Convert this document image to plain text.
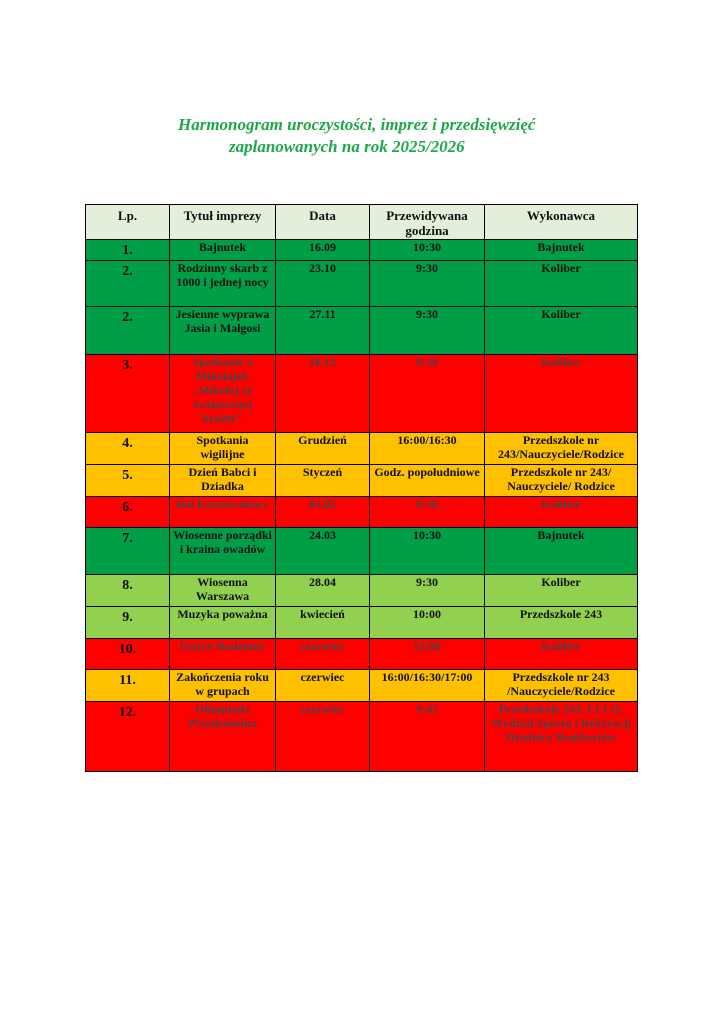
Harmonogram uroczystości, imprez i przedsięwzięć
zaplanowanych na rok 2025/2026
Lp.	Tytuł imprezy	Data	Przewidywana godzina	Wykonawca
1.	Bajnutek	16.09	10:30	Bajnutek
2.	Rodzinny skarb z 1000 i jednej nocy	23.10	9:30	Koliber
2.	Jesienne wyprawa Jasia i Małgosi	27.11	9:30	Koliber
3.	Spotkanie z Mikołajek „Mikołaj ze świątecznej krainy”	16.12	9:30	Koliber
4.	Spotkania wigilijne	Grudzień	16:00/16:30	Przedszkole nr 243/Nauczyciele/Rodzice
5.	Dzień Babci i Dziadka	Styczeń	Godz. popołudniowe	Przedszkole nr 243/ Nauczyciele/ Rodzice
6.	Bal Karnawałowy	03.02	9:30	Koliber
7.	Wiosenne porządki i kraina owadów	24.03	10:30	Bajnutek
8.	Wiosenna Warszawa	28.04	9:30	Koliber
9.	Muzyka poważna	kwiecień	10:00	Przedszkole 243
10.	Festyn Rodzinny	czerwiec	15:00	Koliber
11.	Zakończenia roku w grupach	czerwiec	16:00/16:30/17:00	Przedszkole nr 243 /Nauczyciele/Rodzice
12.	Olimpiada Przedszkolna	czerwiec	9:45	Przedszkole 243, LI LO, Wydział Sportu i Rekreacji Dzielnicy Rembertów
